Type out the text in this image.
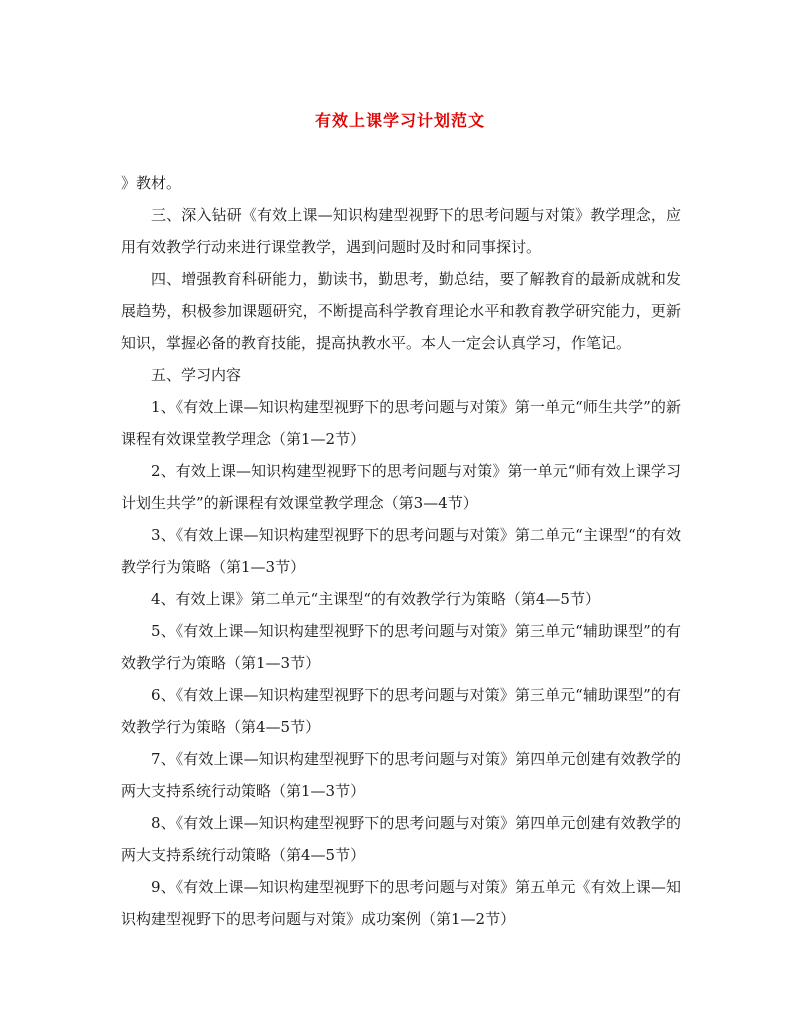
有效上课学习计划范文

》教材。

三、深入钻研《有效上课—知识构建型视野下的思考问题与对策》教学理念，应用有效教学行动来进行课堂教学，遇到问题时及时和同事探讨。

四、增强教育科研能力，勤读书，勤思考，勤总结，要了解教育的最新成就和发展趋势，积极参加课题研究，不断提高科学教育理论水平和教育教学研究能力，更新知识，掌握必备的教育技能，提高执教水平。本人一定会认真学习，作笔记。

五、学习内容

1、《有效上课—知识构建型视野下的思考问题与对策》第一单元“师生共学”的新课程有效课堂教学理念（第1—2节）

2、有效上课—知识构建型视野下的思考问题与对策》第一单元“师有效上课学习计划生共学”的新课程有效课堂教学理念（第3—4节）

3、《有效上课—知识构建型视野下的思考问题与对策》第二单元“主课型“的有效教学行为策略（第1—3节）

4、有效上课》第二单元“主课型“的有效教学行为策略（第4—5节）

5、《有效上课—知识构建型视野下的思考问题与对策》第三单元“辅助课型”的有效教学行为策略（第1—3节）

6、《有效上课—知识构建型视野下的思考问题与对策》第三单元“辅助课型”的有效教学行为策略（第4—5节）

7、《有效上课—知识构建型视野下的思考问题与对策》第四单元创建有效教学的两大支持系统行动策略（第1—3节）

8、《有效上课—知识构建型视野下的思考问题与对策》第四单元创建有效教学的两大支持系统行动策略（第4—5节）

9、《有效上课—知识构建型视野下的思考问题与对策》第五单元《有效上课—知识构建型视野下的思考问题与对策》成功案例（第1—2节）
